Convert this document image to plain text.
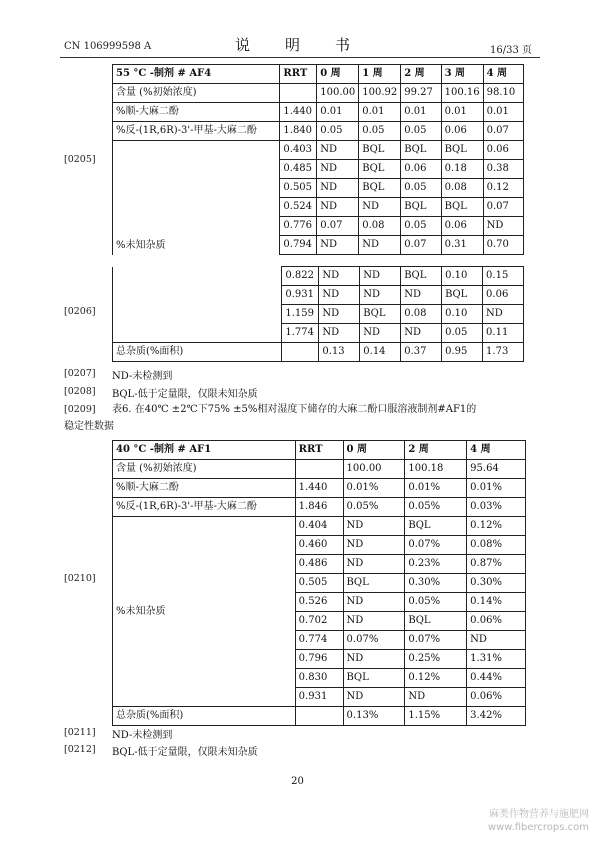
CN 106999598 A	说　明　书	16/33 页
[0205]
[0206]
55 °C -制剂 # AF4	RRT	0 周	1 周	2 周	3 周	4 周
含量 (%初始浓度)		100.00	100.92	99.27	100.16	98.10
%顺-大麻二酚	1.440	0.01	0.01	0.01	0.01	0.01
%反-(1R,6R)-3'-甲基-大麻二酚	1.840	0.05	0.05	0.05	0.06	0.07
%未知杂质	0.403	ND	BQL	BQL	BQL	0.06
	0.485	ND	BQL	0.06	0.18	0.38
	0.505	ND	BQL	0.05	0.08	0.12
	0.524	ND	ND	BQL	BQL	0.07
	0.776	0.07	0.08	0.05	0.06	ND
	0.794	ND	ND	0.07	0.31	0.70
	0.822	ND	ND	BQL	0.10	0.15
	0.931	ND	ND	ND	BQL	0.06
	1.159	ND	BQL	0.08	0.10	ND
	1.774	ND	ND	ND	0.05	0.11
总杂质(%面积)		0.13	0.14	0.37	0.95	1.73
[0207] ND-未检测到
[0208] BQL-低于定量限，仅限未知杂质
[0209] 表6. 在40℃ ±2℃下75% ±5%相对湿度下储存的大麻二酚口服溶液制剂#AF1的
稳定性数据
[0210]
40 °C -制剂 # AF1	RRT	0 周	2 周	4 周
含量 (%初始浓度)		100.00	100.18	95.64
%顺-大麻二酚	1.440	0.01%	0.01%	0.01%
%反-(1R,6R)-3'-甲基-大麻二酚	1.846	0.05%	0.05%	0.03%
%未知杂质	0.404	ND	BQL	0.12%
	0.460	ND	0.07%	0.08%
	0.486	ND	0.23%	0.87%
	0.505	BQL	0.30%	0.30%
	0.526	ND	0.05%	0.14%
	0.702	ND	BQL	0.06%
	0.774	0.07%	0.07%	ND
	0.796	ND	0.25%	1.31%
	0.830	BQL	0.12%	0.44%
	0.931	ND	ND	0.06%
总杂质(%面积)		0.13%	1.15%	3.42%
[0211] ND-未检测到
[0212] BQL-低于定量限，仅限未知杂质
20
麻类作物营养与施肥网
www.fibercrops.com
